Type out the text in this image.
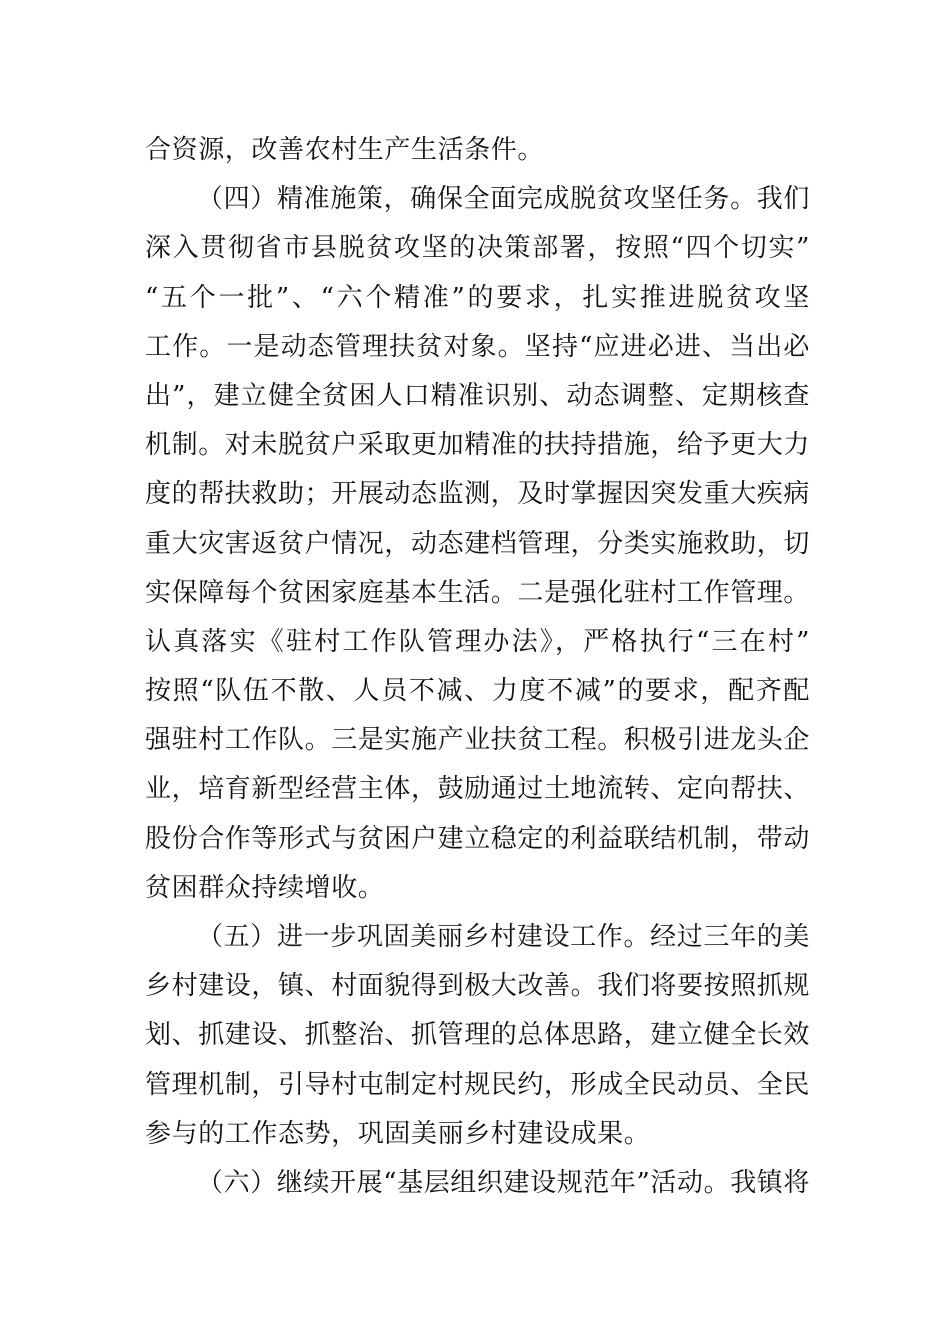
合资源，改善农村生产生活条件。
（四）精准施策，确保全面完成脱贫攻坚任务。我们
深入贯彻省市县脱贫攻坚的决策部署，按照“四个切实”
“五个一批”、“六个精准”的要求，扎实推进脱贫攻坚
工作。一是动态管理扶贫对象。坚持“应进必进、当出必
出”，建立健全贫困人口精准识别、动态调整、定期核查
机制。对未脱贫户采取更加精准的扶持措施，给予更大力
度的帮扶救助；开展动态监测，及时掌握因突发重大疾病
重大灾害返贫户情况，动态建档管理，分类实施救助，切
实保障每个贫困家庭基本生活。二是强化驻村工作管理。
认真落实《驻村工作队管理办法》，严格执行“三在村”
按照“队伍不散、人员不减、力度不减”的要求，配齐配
强驻村工作队。三是实施产业扶贫工程。积极引进龙头企
业，培育新型经营主体，鼓励通过土地流转、定向帮扶、
股份合作等形式与贫困户建立稳定的利益联结机制，带动
贫困群众持续增收。
（五）进一步巩固美丽乡村建设工作。经过三年的美
乡村建设，镇、村面貌得到极大改善。我们将要按照抓规
划、抓建设、抓整治、抓管理的总体思路，建立健全长效
管理机制，引导村屯制定村规民约，形成全民动员、全民
参与的工作态势，巩固美丽乡村建设成果。
（六）继续开展“基层组织建设规范年”活动。我镇将
